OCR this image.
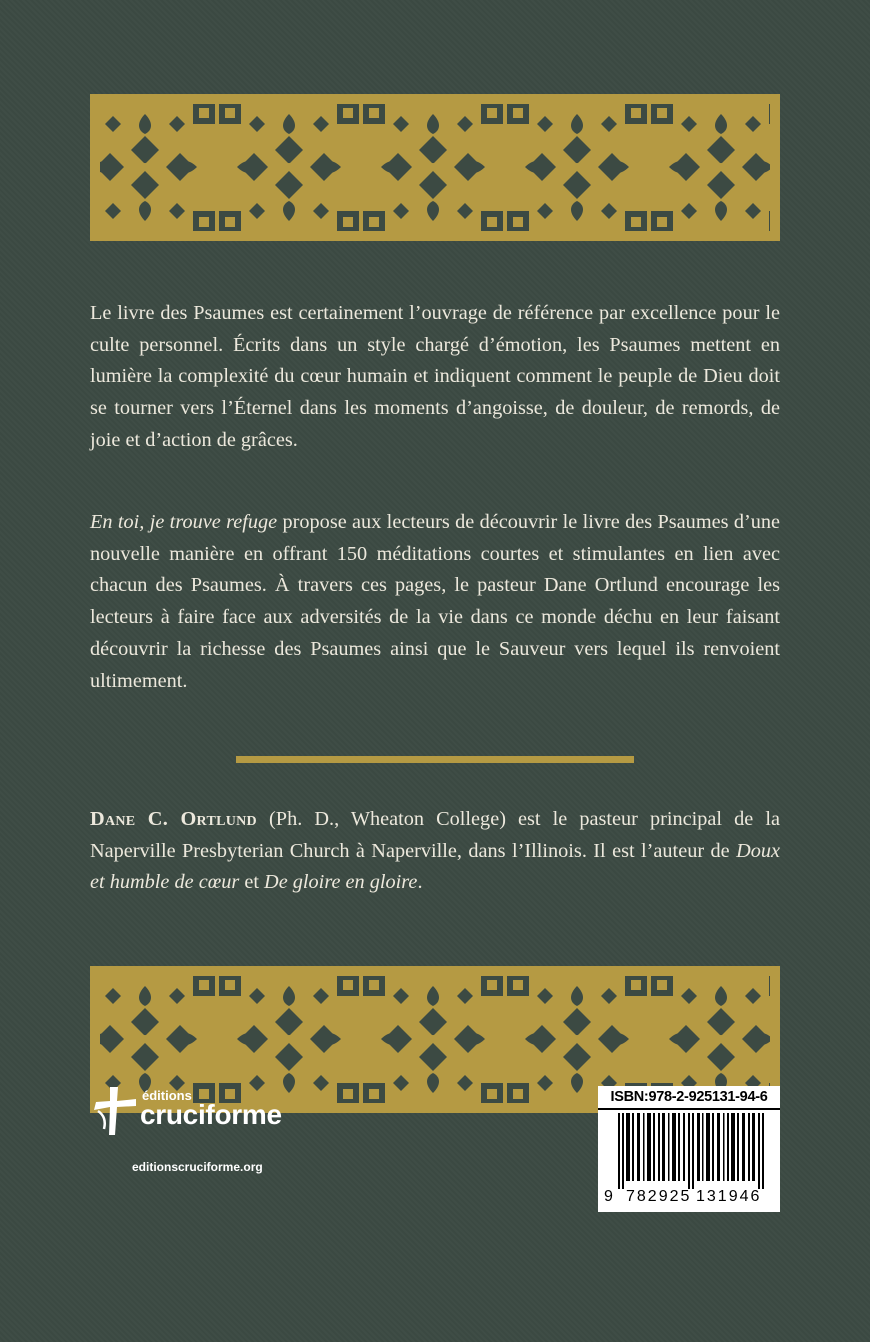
Le livre des Psaumes est certainement l’ouvrage de référence par excellence pour le culte personnel. Écrits dans un style chargé d’émotion, les Psaumes mettent en lumière la complexité du cœur humain et indiquent comment le peuple de Dieu doit se tourner vers l’Éternel dans les moments d’angoisse, de douleur, de remords, de joie et d’action de grâces.

En toi, je trouve refuge propose aux lecteurs de découvrir le livre des Psaumes d’une nouvelle manière en offrant 150 méditations courtes et stimulantes en lien avec chacun des Psaumes. À travers ces pages, le pasteur Dane Ortlund encourage les lecteurs à faire face aux adversités de la vie dans ce monde déchu en leur faisant découvrir la richesse des Psaumes ainsi que le Sauveur vers lequel ils renvoient ultimement.

Dane C. Ortlund (Ph. D., Wheaton College) est le pasteur principal de la Naperville Presbyterian Church à Naperville, dans l’Illinois. Il est l’auteur de Doux et humble de cœur et De gloire en gloire.

éditions
cruciforme
editionscruciforme.org
ISBN:978-2-925131-94-6
9 782925 131946
